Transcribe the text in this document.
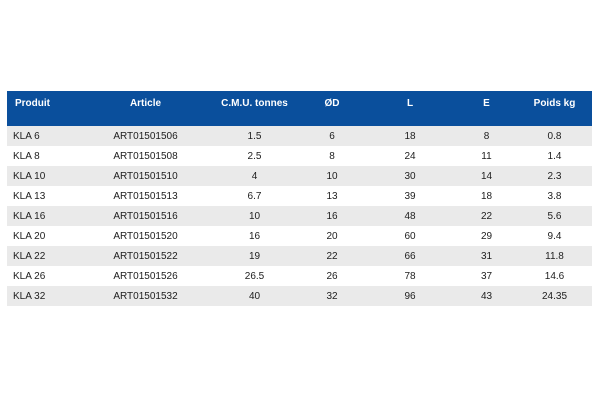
Produit	Article	C.M.U. tonnes	ØD	L	E	Poids kg
KLA 6	ART01501506	1.5	6	18	8	0.8
KLA 8	ART01501508	2.5	8	24	11	1.4
KLA 10	ART01501510	4	10	30	14	2.3
KLA 13	ART01501513	6.7	13	39	18	3.8
KLA 16	ART01501516	10	16	48	22	5.6
KLA 20	ART01501520	16	20	60	29	9.4
KLA 22	ART01501522	19	22	66	31	11.8
KLA 26	ART01501526	26.5	26	78	37	14.6
KLA 32	ART01501532	40	32	96	43	24.35
